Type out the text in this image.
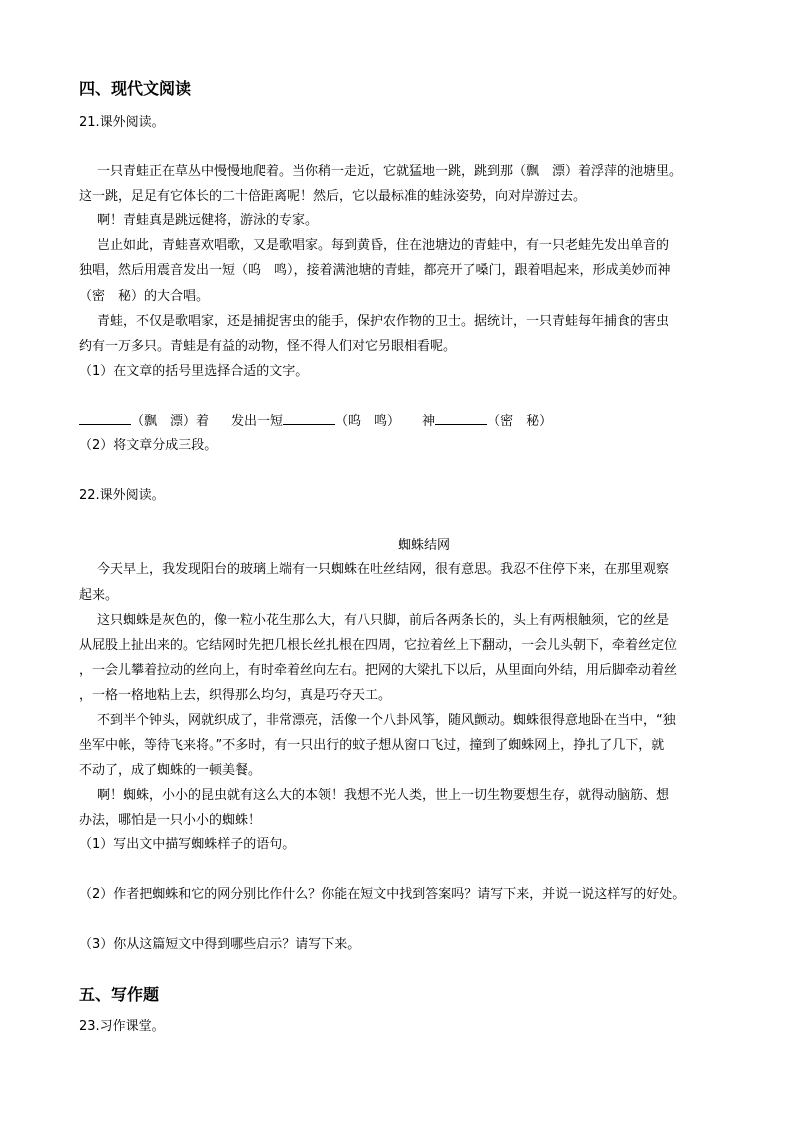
四、现代文阅读
21.课外阅读。
一只青蛙正在草丛中慢慢地爬着。当你稍一走近，它就猛地一跳，跳到那（飘　漂）着浮萍的池塘里。
这一跳，足足有它体长的二十倍距离呢！然后，它以最标准的蛙泳姿势，向对岸游过去。
啊！青蛙真是跳远健将，游泳的专家。
岂止如此，青蛙喜欢唱歌，又是歌唱家。每到黄昏，住在池塘边的青蛙中，有一只老蛙先发出单音的
独唱，然后用震音发出一短（呜　鸣），接着满池塘的青蛙，都亮开了嗓门，跟着唱起来，形成美妙而神
（密　秘）的大合唱。
青蛙，不仅是歌唱家，还是捕捉害虫的能手，保护农作物的卫士。据统计，一只青蛙每年捕食的害虫
约有一万多只。青蛙是有益的动物，怪不得人们对它另眼相看呢。
（1）在文章的括号里选择合适的文字。
（飘　漂）着 发出一短	（呜　鸣） 神	（密　秘）
（2）将文章分成三段。
22.课外阅读。
蜘蛛结网
今天早上，我发现阳台的玻璃上端有一只蜘蛛在吐丝结网，很有意思。我忍不住停下来，在那里观察
起来。
这只蜘蛛是灰色的，像一粒小花生那么大，有八只脚，前后各两条长的，头上有两根触须，它的丝是
从屁股上扯出来的。它结网时先把几根长丝扎根在四周，它拉着丝上下翻动，一会儿头朝下，牵着丝定位
，一会儿攀着拉动的丝向上，有时牵着丝向左右。把网的大梁扎下以后，从里面向外结，用后脚牵动着丝
，一格一格地粘上去，织得那么均匀，真是巧夺天工。
不到半个钟头，网就织成了，非常漂亮，活像一个八卦风筝，随风颤动。蜘蛛很得意地卧在当中，“独
坐军中帐，等待飞来将。”不多时，有一只出行的蚊子想从窗口飞过，撞到了蜘蛛网上，挣扎了几下，就
不动了，成了蜘蛛的一顿美餐。
啊！蜘蛛，小小的昆虫就有这么大的本领！我想不光人类，世上一切生物要想生存，就得动脑筋、想
办法，哪怕是一只小小的蜘蛛！
（1）写出文中描写蜘蛛样子的语句。
（2）作者把蜘蛛和它的网分别比作什么？你能在短文中找到答案吗？请写下来，并说一说这样写的好处。
（3）你从这篇短文中得到哪些启示？请写下来。
五、写作题
23.习作课堂。
